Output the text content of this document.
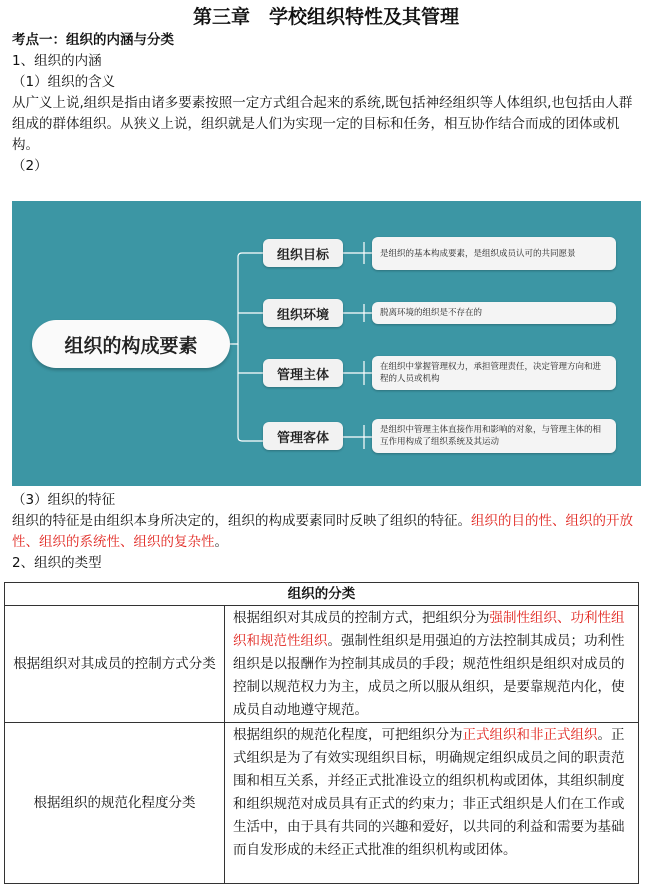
第三章　学校组织特性及其管理
考点一：组织的内涵与分类
1、组织的内涵
（1）组织的含义
从广义上说,组织是指由诸多要素按照一定方式组合起来的系统,既包括神经组织等人体组织,也包括由人群组成的群体组织。从狭义上说，组织就是人们为实现一定的目标和任务，相互协作结合而成的团体或机构。
（2）
组织的构成要素
组织目标	是组织的基本构成要素，是组织成员认可的共同愿景
组织环境	脱离环境的组织是不存在的
管理主体
在组织中掌握管理权力，承担管理责任，决定管理方向和进程的人员或机构
管理客体
是组织中管理主体直接作用和影响的对象，与管理主体的相互作用构成了组织系统及其运动
（3）组织的特征
组织的特征是由组织本身所决定的，组织的构成要素同时反映了组织的特征。组织的目的性、组织的开放性、组织的系统性、组织的复杂性。
2、组织的类型
组织的分类	
根据组织对其成员的控制方式分类	根据组织对其成员的控制方式，把组织分为强制性组织、功利性组织和规范性组织。强制性组织是用强迫的方法控制其成员；功利性组织是以报酬作为控制其成员的手段；规范性组织是组织对成员的控制以规范权力为主，成员之所以服从组织，是要靠规范内化，使成员自动地遵守规范。
根据组织的规范化程度分类	根据组织的规范化程度，可把组织分为正式组织和非正式组织。正式组织是为了有效实现组织目标，明确规定组织成员之间的职责范围和相互关系，并经正式批准设立的组织机构或团体，其组织制度和组织规范对成员具有正式的约束力；非正式组织是人们在工作或生活中，由于具有共同的兴趣和爱好，以共同的利益和需要为基础而自发形成的未经正式批准的组织机构或团体。
